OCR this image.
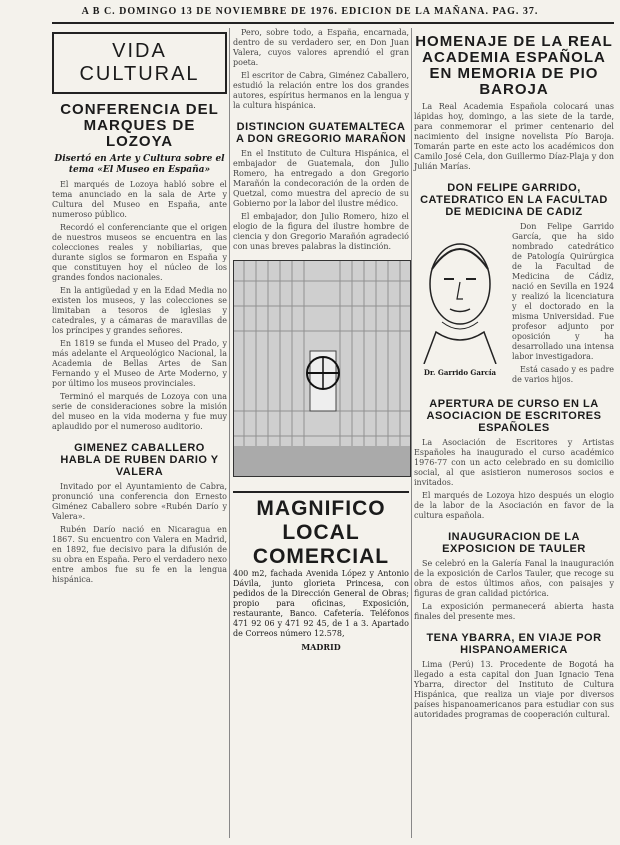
A B C. DOMINGO 13 DE NOVIEMBRE DE 1976. EDICION DE LA MAÑANA. PAG. 37.
VIDA CULTURAL
CONFERENCIA DEL MARQUES DE LOZOYA
Disertó en Arte y Cultura sobre el tema «El Museo en España»

El marqués de Lozoya habló sobre el tema anunciado en la sala de Arte y Cultura del Museo en España, ante numeroso público.

Recordó el conferenciante que el origen de nuestros museos se encuentra en las colecciones reales y nobiliarias, que durante siglos se formaron en España y que constituyen hoy el núcleo de los grandes fondos nacionales.

En la antigüedad y en la Edad Media no existen los museos, y las colecciones se limitaban a tesoros de iglesias y catedrales, y a cámaras de maravillas de los príncipes y grandes señores.

En 1819 se funda el Museo del Prado, y más adelante el Arqueológico Nacional, la Academia de Bellas Artes de San Fernando y el Museo de Arte Moderno, y por último los museos provinciales.

Terminó el marqués de Lozoya con una serie de consideraciones sobre la misión del museo en la vida moderna y fue muy aplaudido por el numeroso auditorio.

GIMENEZ CABALLERO HABLA DE RUBEN DARIO Y VALERA

Invitado por el Ayuntamiento de Cabra, pronunció una conferencia don Ernesto Giménez Caballero sobre «Rubén Darío y Valera».

Rubén Darío nació en Nicaragua en 1867. Su encuentro con Valera en Madrid, en 1892, fue decisivo para la difusión de su obra en España. Pero el verdadero nexo entre ambos fue su fe en la lengua hispánica.

Pero, sobre todo, a España, encarnada, dentro de su verdadero ser, en Don Juan Valera, cuyos valores aprendió el gran poeta.

El escritor de Cabra, Giménez Caballero, estudió la relación entre los dos grandes autores, espíritus hermanos en la lengua y la cultura hispánica.

DISTINCION GUATEMALTECA A DON GREGORIO MARAÑON

En el Instituto de Cultura Hispánica, el embajador de Guatemala, don Julio Romero, ha entregado a don Gregorio Marañón la condecoración de la orden de Quetzal, como muestra del aprecio de su Gobierno por la labor del ilustre médico.

El embajador, don Julio Romero, hizo el elogio de la figura del ilustre hombre de ciencia y don Gregorio Marañón agradeció con unas breves palabras la distinción.

MAGNIFICO LOCAL COMERCIAL

400 m2, fachada Avenida López y Antonio Dávila, junto glorieta Princesa, con pedidos de la Dirección General de Obras; propio para oficinas, Exposición, restaurante, Banco. Cafetería. Teléfonos 471 92 06 y 471 92 45, de 1 a 3. Apartado de Correos número 12.578,

MADRID
HOMENAJE DE LA REAL ACADEMIA ESPAÑOLA EN MEMORIA DE PIO BAROJA

La Real Academia Española colocará unas lápidas hoy, domingo, a las siete de la tarde, para conmemorar el primer centenario del nacimiento del insigne novelista Pío Baroja. Tomarán parte en este acto los académicos don Camilo José Cela, don Guillermo Díaz-Plaja y don Julián Marías.

DON FELIPE GARRIDO, CATEDRATICO EN LA FACULTAD DE MEDICINA DE CADIZ
Dr. Garrido García

Don Felipe Garrido García, que ha sido nombrado catedrático de Patología Quirúrgica de la Facultad de Medicina de Cádiz, nació en Sevilla en 1924 y realizó la licenciatura y el doctorado en la misma Universidad. Fue profesor adjunto por oposición y ha desarrollado una intensa labor investigadora.

Está casado y es padre de varios hijos.

APERTURA DE CURSO EN LA ASOCIACION DE ESCRITORES ESPAÑOLES

La Asociación de Escritores y Artistas Españoles ha inaugurado el curso académico 1976-77 con un acto celebrado en su domicilio social, al que asistieron numerosos socios e invitados.

El marqués de Lozoya hizo después un elogio de la labor de la Asociación en favor de la cultura española.

INAUGURACION DE LA EXPOSICION DE TAULER

Se celebró en la Galería Fanal la inauguración de la exposición de Carlos Tauler, que recoge su obra de estos últimos años, con paisajes y figuras de gran calidad pictórica.

La exposición permanecerá abierta hasta finales del presente mes.

TENA YBARRA, EN VIAJE POR HISPANOAMERICA

Lima (Perú) 13. Procedente de Bogotá ha llegado a esta capital don Juan Ignacio Tena Ybarra, director del Instituto de Cultura Hispánica, que realiza un viaje por diversos países hispanoamericanos para estudiar con sus autoridades programas de cooperación cultural.
